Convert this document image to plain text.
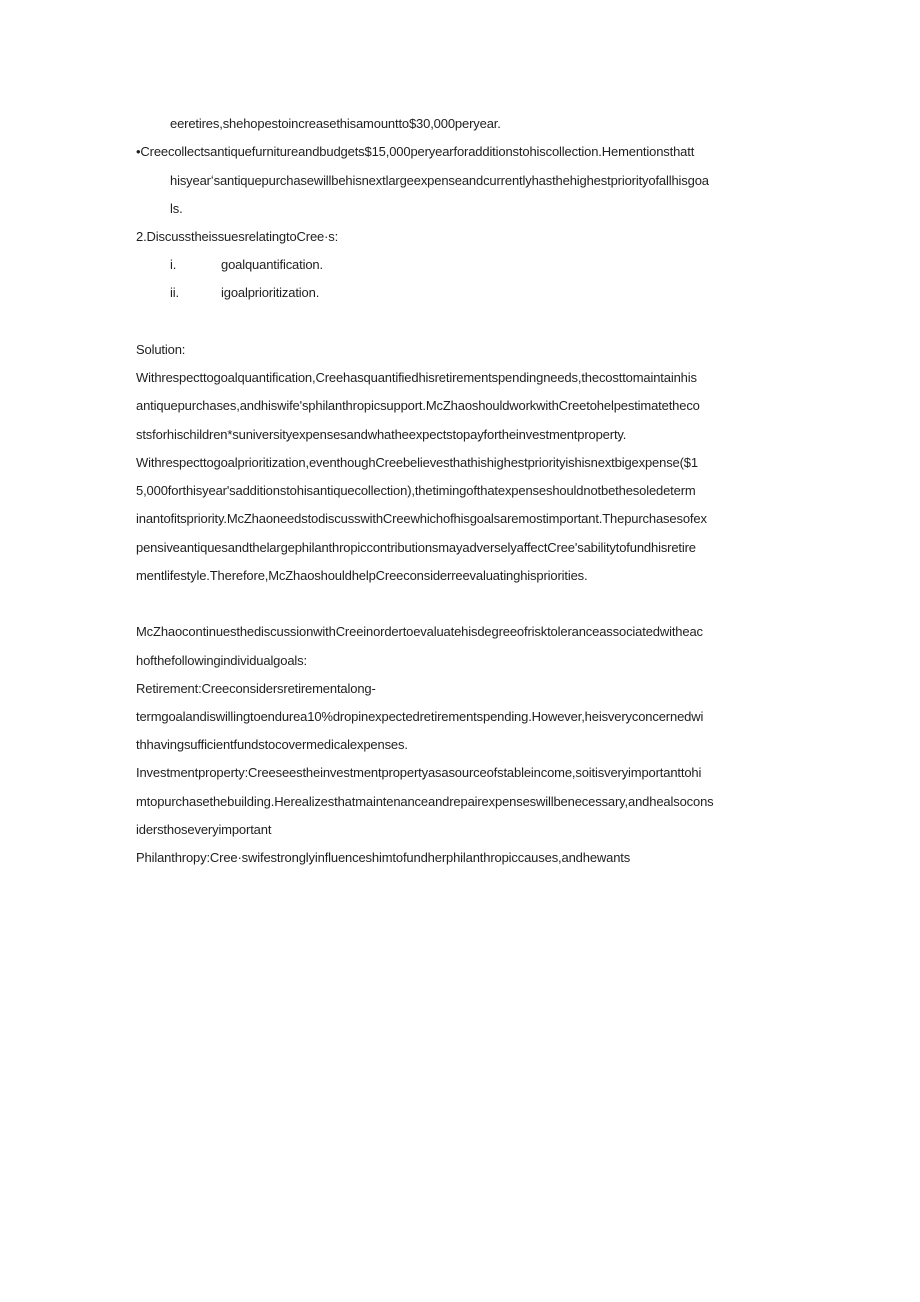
eeretires,shehopestoincreasethisamountto$30,000peryear.
•Creecollectsantiquefurnitureandbudgets$15,000peryearforadditionstohiscollection.Hementionsthatt
hisyearʻsantiquepurchasewillbehisnextlargeexpenseandcurrentlyhasthehighestpriorityofallhisgoa
ls.
2.DiscusstheissuesrelatingtoCree·s:
i.	goalquantification.
ii.	igoalprioritization.
Solution:
Withrespecttogoalquantification,Creehasquantifiedhisretirementspendingneeds,thecosttomaintainhis
antiquepurchases,andhiswife'sphilanthropicsupport.McZhaoshouldworkwithCreetohelpestimatetheco
stsforhischildren*suniversityexpensesandwhatheexpectstopayfortheinvestmentproperty.
Withrespecttogoalprioritization,eventhoughCreebelievesthathishighestpriorityishisnextbigexpense($1
5,000forthisyear'sadditionstohisantiquecollection),thetimingofthatexpenseshouldnotbethesoledeterm
inantofitspriority.McZhaoneedstodiscusswithCreewhichofhisgoalsaremostimportant.Thepurchasesofex
pensiveantiquesandthelargephilanthropiccontributionsmayadverselyaffectCree'sabilitytofundhisretire
mentlifestyle.Therefore,McZhaoshouldhelpCreeconsiderreevaluatinghispriorities.
McZhaocontinuesthediscussionwithCreeinordertoevaluatehisdegreeofrisktoleranceassociatedwitheac
hofthefollowingindividualgoals:
Retirement:Creeconsidersretirementalong-
termgoalandiswillingtoendurea10%dropinexpectedretirementspending.However,heisveryconcernedwi
thhavingsufficientfundstocovermedicalexpenses.
Investmentproperty:Creeseestheinvestmentpropertyasasourceofstableincome,soitisveryimportanttohi
mtopurchasethebuilding.Herealizesthatmaintenanceandrepairexpenseswillbenecessary,andhealsocons
idersthoseveryimportant
Philanthropy:Cree·swifestronglyinfluenceshimtofundherphilanthropiccauses,andhewants
